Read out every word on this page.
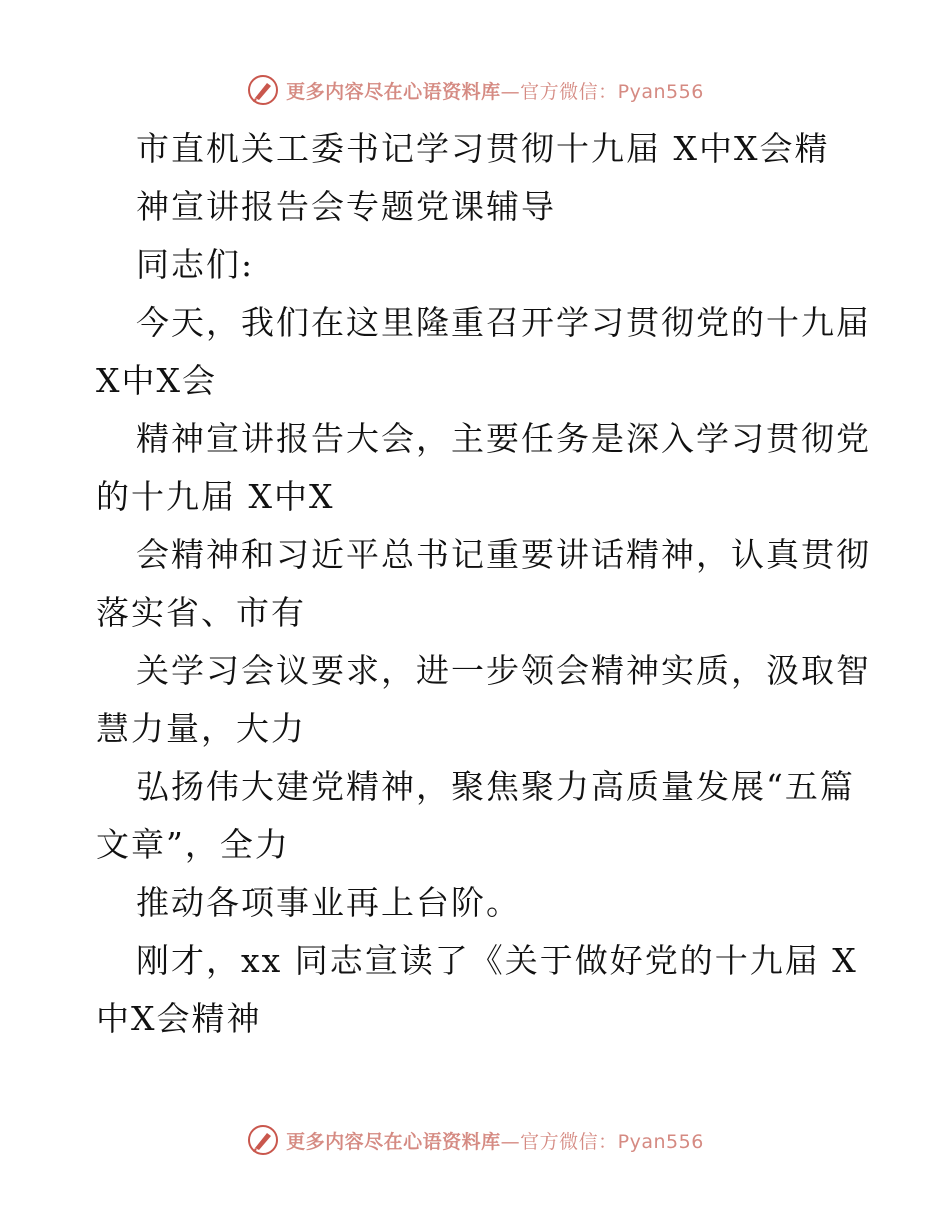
更多内容尽在心语资料库—官方微信：Pyan556
市直机关工委书记学习贯彻十九届 X中X会精
神宣讲报告会专题党课辅导
同志们:
今天，我们在这里隆重召开学习贯彻党的十九届
X中X会
精神宣讲报告大会，主要任务是深入学习贯彻党
的十九届 X中X
会精神和习近平总书记重要讲话精神，认真贯彻
落实省、市有
关学习会议要求，进一步领会精神实质，汲取智
慧力量，大力
弘扬伟大建党精神，聚焦聚力高质量发展“五篇
文章”，全力
推动各项事业再上台阶。
刚才，xx 同志宣读了《关于做好党的十九届 X
中X会精神
更多内容尽在心语资料库—官方微信：Pyan556
